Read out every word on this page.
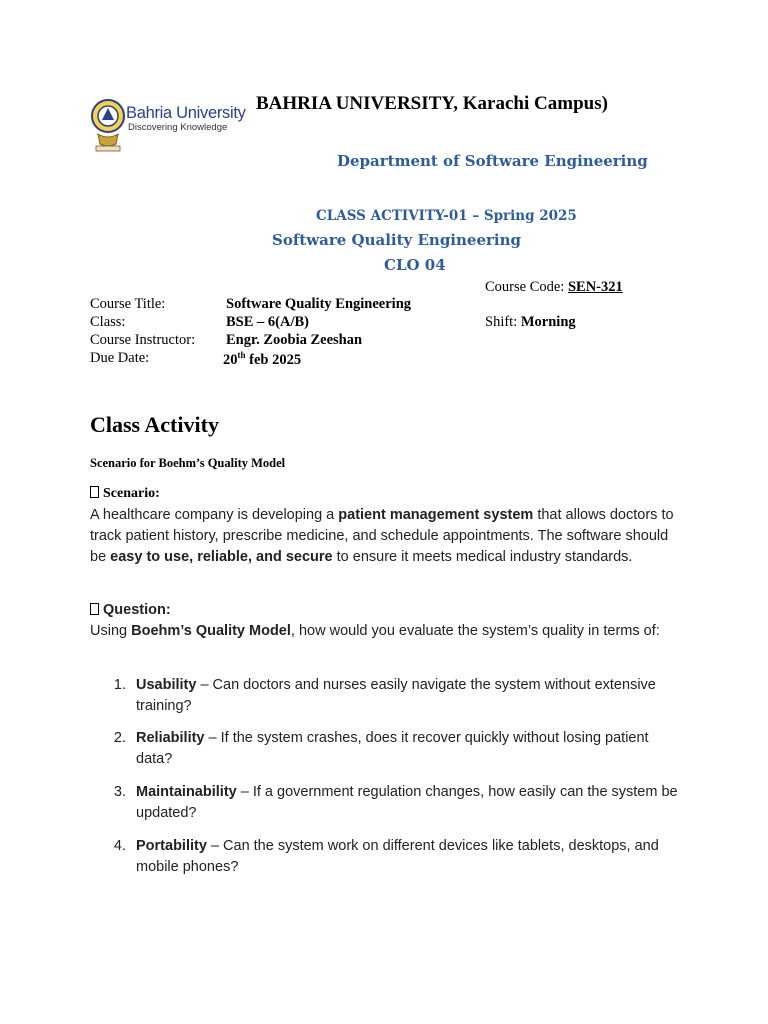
Bahria University
Discovering Knowledge
BAHRIA UNIVERSITY, Karachi Campus)
Department of Software Engineering
CLASS ACTIVITY-01 – Spring 2025
Software Quality Engineering
CLO 04
Course Code: SEN-321
Course Title:	Software Quality Engineering
Class:	BSE – 6(A/B)	Shift: Morning
Course Instructor: Engr. Zoobia Zeeshan
Due Date:	20th feb 2025
Class Activity
Scenario for Boehm’s Quality Model
Scenario:
A healthcare company is developing a patient management system that allows doctors to track patient history, prescribe medicine, and schedule appointments. The software should be easy to use, reliable, and secure to ensure it meets medical industry standards.
Question:
Using Boehm’s Quality Model, how would you evaluate the system’s quality in terms of:
1. Usability – Can doctors and nurses easily navigate the system without extensive training?
2. Reliability – If the system crashes, does it recover quickly without losing patient data?
3. Maintainability – If a government regulation changes, how easily can the system be updated?
4. Portability – Can the system work on different devices like tablets, desktops, and mobile phones?
